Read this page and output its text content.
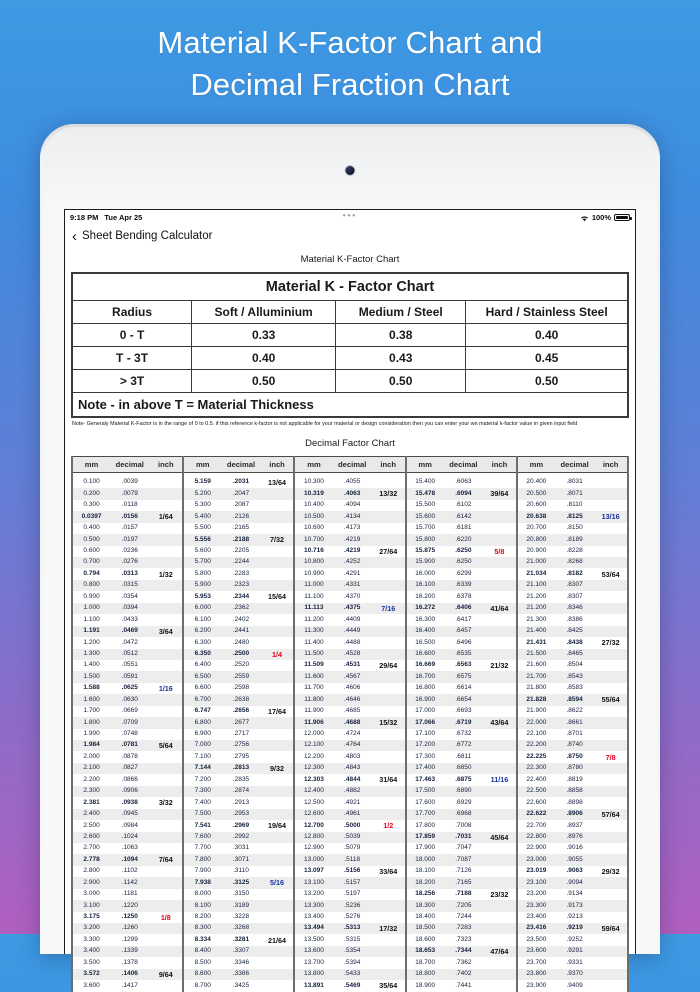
Material K-Factor Chart and
Decimal Fraction Chart
9:18 PM Tue Apr 25	•••	100%
‹ Sheet Bending Calculator
Material K-Factor Chart
Material K - Factor Chart
Radius	Soft / Alluminium	Medium / Steel	Hard / Stainless Steel
0 - T	0.33	0.38	0.40
T - 3T	0.40	0.43	0.45
> 3T	0.50	0.50	0.50
Note - in above T = Material Thickness
Note- Generaly Material K-Factor is in the range of 0 to 0.5. if this reference k-factor is not applicable for your material or design consideration then you can enter your wn material k-factor value in given input field
Decimal Factor Chart
mm	decimal	inch
0.100	.0039
0.200	.0079
0.300	.0118
0.0397	.0156	1/64
0.400	.0157
0.500	.0197
0.600	.0236
0.700	.0276
0.794	.0313	1/32
0.800	.0315
0.900	.0354
1.000	.0394
1.100	.0433
1.191	.0469	3/64
1.200	.0472
1.300	.0512
1.400	.0551
1.500	.0591
1.588	.0625	1/16
1.600	.0630
1.700	.0669
1.800	.0709
1.900	.0748
1.984	.0781	5/64
2.000	.0878
2.100	.0827
2.200	.0866
2.300	.0906
2.381	.0938	3/32
2.400	.0945
2.500	.0984
2.600	.1024
2.700	.1063
2.778	.1094	7/64
2.800	.1102
2.900	.1142
3.000	.1181
3.100	.1220
3.175	.1250	1/8
3.200	.1260
3.300	.1299
3.400	.1339
3.500	.1378
3.572	.1406	9/64
3.600	.1417
mm	decimal	inch
5.159	.2031	13/64
5.200	.2047
5.300	.2087
5.400	.2126
5.500	.2165
5.556	.2188	7/32
5.600	.2205
5.700	.2244
5.800	.2283
5.900	.2323
5.953	.2344	15/64
6.000	.2362
6.100	.2402
6.200	.2441
6.300	.2480
6.350	.2500	1/4
6.400	.2520
6.500	.2559
6.600	.2598
6.700	.2638
6.747	.2656	17/64
6.800	.2677
6.900	.2717
7.000	.2756
7.100	.2795
7.144	.2813	9/32
7.200	.2835
7.300	.2874
7.400	.2913
7.500	.2953
7.541	.2969	19/64
7.600	.2992
7.700	.3031
7.800	.3071
7.900	.3110
7.938	.3125	5/16
8.000	.3150
8.100	.3189
8.200	.3228
8.300	.3268
8.334	.3281	21/64
8.400	.3307
8.500	.3346
8.600	.3386
8.700	.3425
mm	decimal	inch
10.300	.4055
10.319	.4063	13/32
10.400	.4094
10.500	.4134
10.600	.4173
10.700	.4219
10.716	.4219	27/64
10.800	.4252
10.900	.4291
11.000	.4331
11.100	.4370
11.113	.4375	7/16
11.200	.4409
11.300	.4449
11.400	.4488
11.500	.4528
11.509	.4531	29/64
11.600	.4567
11.700	.4606
11.800	.4646
11.900	.4685
11.906	.4688	15/32
12.000	.4724
12.100	.4764
12.200	.4803
12.300	.4843
12.303	.4844	31/64
12.400	.4882
12.500	.4921
12.600	.4961
12.700	.5000	1/2
12.800	.5039
12.900	.5079
13.000	.5118
13.097	.5156	33/64
13.100	.5157
13.200	.5197
13.300	.5236
13.400	.5276
13.494	.5313	17/32
13.500	.5315
13.600	.5354
13.700	.5394
13.800	.5433
13.891	.5469	35/64
mm	decimal	inch
15.400	.6063
15.478	.6094	39/64
15.500	.6102
15.600	.6142
15.700	.6181
15.800	.6220
15.875	.6250	5/8
15.900	.6250
16.000	.6299
16.100	.6339
16.200	.6378
16.272	.6406	41/64
16.300	.6417
16.400	.6457
16.500	.6496
16.600	.6535
16.669	.6563	21/32
16.700	.6575
16.800	.6614
16.900	.6654
17.000	.6693
17.066	.6719	43/64
17.100	.6732
17.200	.6772
17.300	.6811
17.400	.6850
17.463	.6875	11/16
17.500	.6890
17.600	.6929
17.700	.6968
17.800	.7008
17.859	.7031	45/64
17.900	.7047
18.000	.7087
18.100	.7126
18.200	.7165
18.256	.7188	23/32
18.300	.7205
18.400	.7244
18.500	.7283
18.600	.7323
18.653	.7344	47/64
18.700	.7362
18.800	.7402
18.900	.7441
mm	decimal	inch
20.400	.8031
20.500	.8071
20.600	.8110
20.638	.8125	13/16
20.700	.8150
20.800	.8189
20.900	.8228
21.000	.8268
21.034	.8182	53/64
21.100	.8307
21.200	.8307
21.200	.8346
21.300	.8386
21.400	.8425
21.431	.8438	27/32
21.500	.8465
21.600	.8504
21.700	.8543
21.800	.8583
21.828	.8594	55/64
21.900	.8622
22.000	.8661
22.100	.8701
22.200	.8740
22.225	.8750	7/8
22.300	.8780
22.400	.8819
22.500	.8858
22.600	.8898
22.622	.8906	57/64
22.700	.8937
22.800	.8976
22.900	.9016
23.000	.9055
23.019	.9063	29/32
23.100	.9094
23.200	.9134
23.300	.9173
23.400	.9213
23.416	.9219	59/64
23.500	.9252
23.600	.9291
23.700	.9331
23.800	.9370
23.900	.9409
